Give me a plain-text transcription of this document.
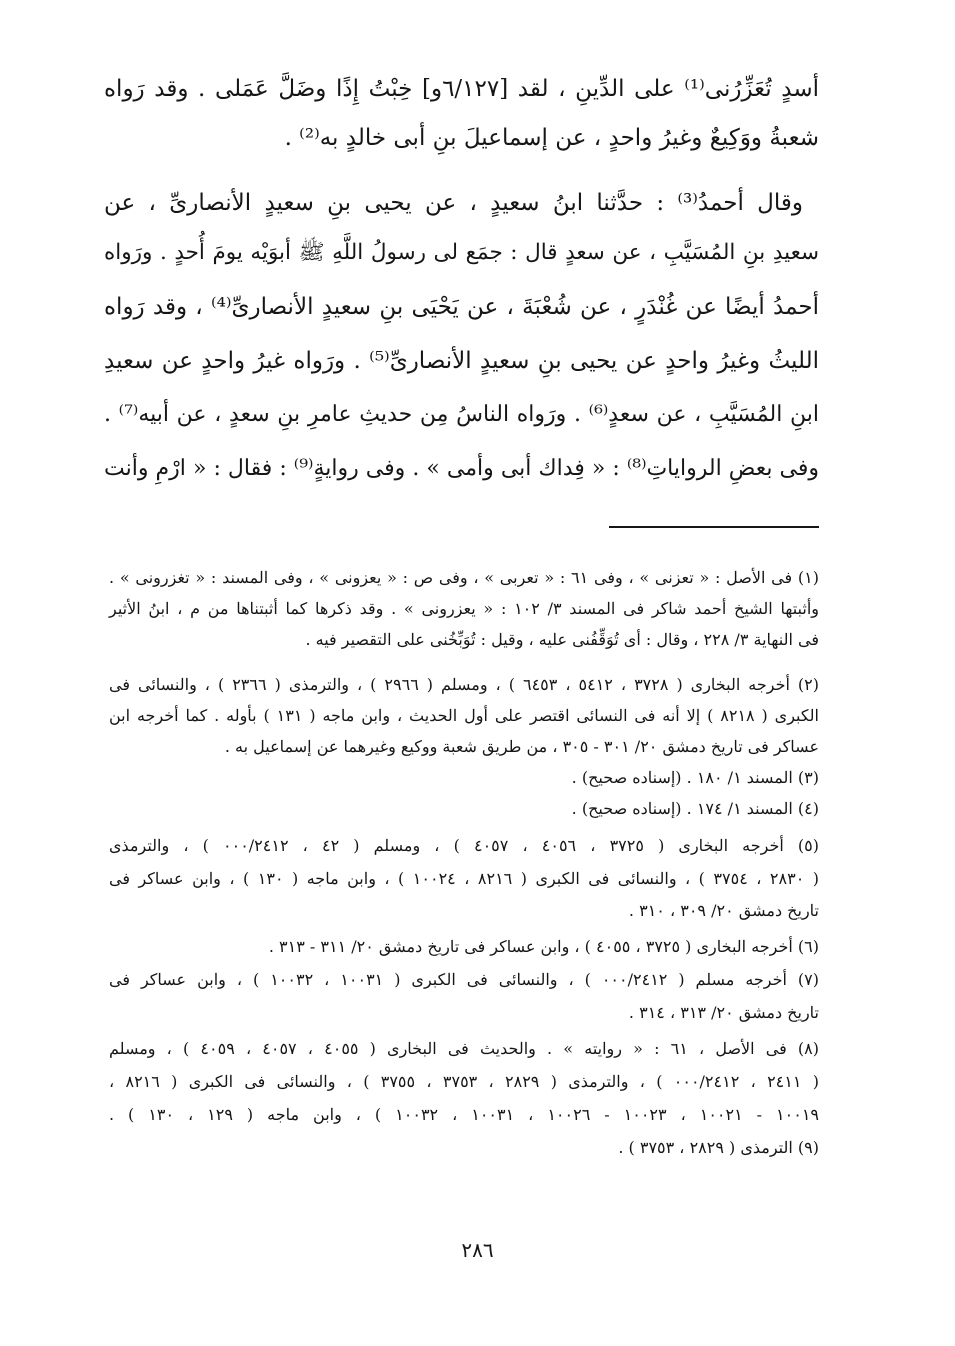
أسدٍ تُعَزِّرُنى⁽¹⁾ على الدِّينِ ، لقد [٦/١٢٧و] خِبْتُ إِذًا وضَلَّ عَمَلى . وقد رَواه
شعبةُ ووَكِيعٌ وغيرُ واحدٍ ، عن إسماعيلَ بنِ أبى خالدٍ به⁽²⁾ .
وقال أحمدُ⁽³⁾ : حدَّثنا ابنُ سعيدٍ ، عن يحيى بنِ سعيدٍ الأنصارىِّ ، عن
سعيدِ بنِ المُسَيَّبِ ، عن سعدٍ قال : جمَع لى رسولُ اللَّهِ ﷺ أبوَيْه يومَ أُحدٍ . ورَواه
أحمدُ أيضًا عن غُنْدَرٍ ، عن شُعْبَةَ ، عن يَحْيَى بنِ سعيدٍ الأنصارىِّ⁽⁴⁾ ، وقد رَواه
الليثُ وغيرُ واحدٍ عن يحيى بنِ سعيدٍ الأنصارىِّ⁽⁵⁾ . ورَواه غيرُ واحدٍ عن سعيدِ
ابنِ المُسَيَّبِ ، عن سعدٍ⁽⁶⁾ . ورَواه الناسُ مِن حديثِ عامرِ بنِ سعدٍ ، عن أبيه⁽⁷⁾ .
وفى بعضِ الرواياتِ⁽⁸⁾ : « فِداك أبى وأمى » . وفى روايةٍ⁽⁹⁾ : فقال : « ارْمِ وأنت
(١) فى الأصل : « تعزنى » ، وفى ٦١ : « تعربى » ، وفى ص : « يعزونى » ، وفى المسند : « تغزرونى » .
وأثبتها الشيخ أحمد شاكر فى المسند ٣/ ١٠٢ : « يعزرونى » . وقد ذكرها كما أثبتناها من م ، ابنُ الأثير
فى النهاية ٣/ ٢٢٨ ، وقال : أى تُوَقِّفُنى عليه ، وقيل : تُوَبِّخُنى على التقصير فيه .
(٢) أخرجه البخارى ( ٣٧٢٨ ، ٥٤١٢ ، ٦٤٥٣ ) ، ومسلم ( ٢٩٦٦ ) ، والترمذى ( ٢٣٦٦ ) ، والنسائى فى
الكبرى ( ٨٢١٨ ) إلا أنه فى النسائى اقتصر على أول الحديث ، وابن ماجه ( ١٣١ ) بأوله . كما أخرجه ابن
عساكر فى تاريخ دمشق ٢٠/ ٣٠١ - ٣٠٥ ، من طريق شعبة ووكيع وغيرهما عن إسماعيل به .
(٣) المسند ١/ ١٨٠ . (إسناده صحيح) .
(٤) المسند ١/ ١٧٤ . (إسناده صحيح) .
(٥) أخرجه البخارى ( ٣٧٢٥ ، ٤٠٥٦ ، ٤٠٥٧ ) ، ومسلم ( ٤٢ ، ٠٠٠/٢٤١٢ ) ، والترمذى
( ٢٨٣٠ ، ٣٧٥٤ ) ، والنسائى فى الكبرى ( ٨٢١٦ ، ١٠٠٢٤ ) ، وابن ماجه ( ١٣٠ ) ، وابن عساكر فى
تاريخ دمشق ٢٠/ ٣٠٩ ، ٣١٠ .
(٦) أخرجه البخارى ( ٣٧٢٥ ، ٤٠٥٥ ) ، وابن عساكر فى تاريخ دمشق ٢٠/ ٣١١ - ٣١٣ .
(٧) أخرجه مسلم ( ٠٠٠/٢٤١٢ ) ، والنسائى فى الكبرى ( ١٠٠٣١ ، ١٠٠٣٢ ) ، وابن عساكر فى
تاريخ دمشق ٢٠/ ٣١٣ ، ٣١٤ .
(٨) فى الأصل ، ٦١ : « روايته » . والحديث فى البخارى ( ٤٠٥٥ ، ٤٠٥٧ ، ٤٠٥٩ ) ، ومسلم
( ٢٤١١ ، ٠٠٠/٢٤١٢ ) ، والترمذى ( ٢٨٢٩ ، ٣٧٥٣ ، ٣٧٥٥ ) ، والنسائى فى الكبرى ( ٨٢١٦ ،
١٠٠١٩ - ١٠٠٢١ ، ١٠٠٢٣ - ١٠٠٢٦ ، ١٠٠٣١ ، ١٠٠٣٢ ) ، وابن ماجه ( ١٢٩ ، ١٣٠ ) .
(٩) الترمذى ( ٢٨٢٩ ، ٣٧٥٣ ) .
٢٨٦
